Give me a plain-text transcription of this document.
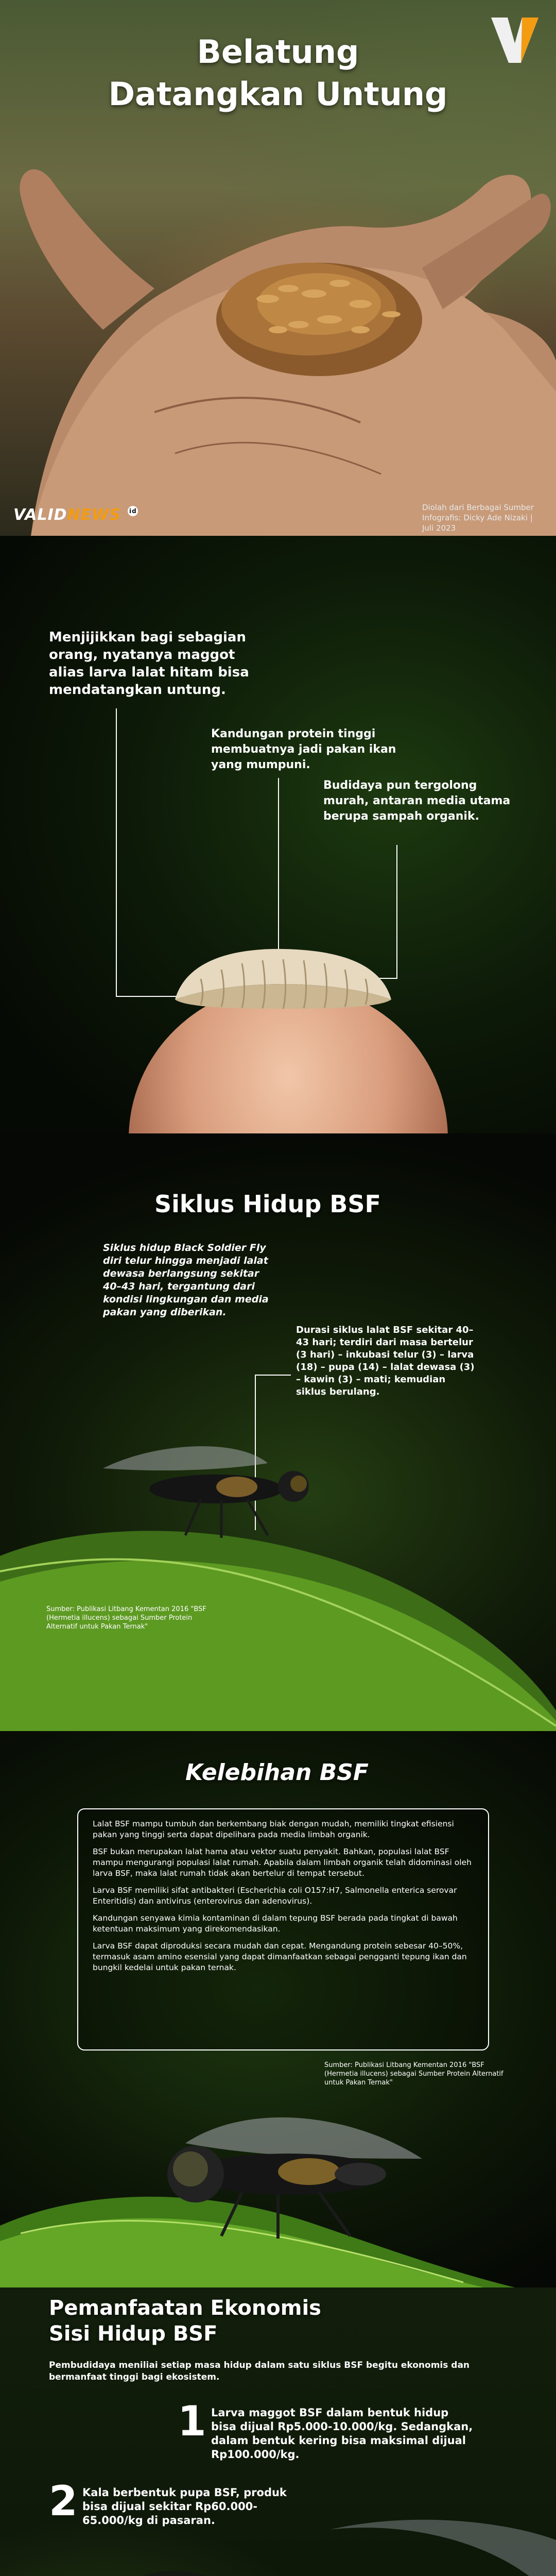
Belatung
Datangkan Untung
VALIDNEWS id	Diolah dari Berbagai Sumber
Infografis: Dicky Ade Nizaki | Juli 2023
Menjijikkan bagi sebagian orang, nyatanya maggot alias larva lalat hitam bisa mendatangkan untung.
Kandungan protein tinggi membuatnya jadi pakan ikan yang mumpuni.
Budidaya pun tergolong murah, antaran media utama berupa sampah organik.
Siklus Hidup BSF
Siklus hidup Black Soldier Fly diri telur hingga menjadi lalat dewasa berlangsung sekitar 40–43 hari, tergantung dari kondisi lingkungan dan media pakan yang diberikan.
Durasi siklus lalat BSF sekitar 40–43 hari; terdiri dari masa bertelur (3 hari) – inkubasi telur (3) – larva (18) – pupa (14) – lalat dewasa (3) – kawin (3) – mati; kemudian siklus berulang.
Sumber: Publikasi Litbang Kementan 2016 "BSF (Hermetia illucens) sebagai Sumber Protein Alternatif untuk Pakan Ternak"
Kelebihan BSF

Lalat BSF mampu tumbuh dan berkembang biak dengan mudah, memiliki tingkat efisiensi pakan yang tinggi serta dapat dipelihara pada media limbah organik.

BSF bukan merupakan lalat hama atau vektor suatu penyakit. Bahkan, populasi lalat BSF mampu mengurangi populasi lalat rumah. Apabila dalam limbah organik telah didominasi oleh larva BSF, maka lalat rumah tidak akan bertelur di tempat tersebut.

Larva BSF memiliki sifat antibakteri (Escherichia coli O157:H7, Salmonella enterica serovar Enteritidis) dan antivirus (enterovirus dan adenovirus).

Kandungan senyawa kimia kontaminan di dalam tepung BSF berada pada tingkat di bawah ketentuan maksimum yang direkomendasikan.

Larva BSF dapat diproduksi secara mudah dan cepat. Mengandung protein sebesar 40–50%, termasuk asam amino esensial yang dapat dimanfaatkan sebagai pengganti tepung ikan dan bungkil kedelai untuk pakan ternak.

Sumber: Publikasi Litbang Kementan 2016 "BSF (Hermetia illucens) sebagai Sumber Protein Alternatif untuk Pakan Ternak"
Pemanfaatan Ekonomis
Sisi Hidup BSF
Pembudidaya meniliai setiap masa hidup dalam satu siklus BSF begitu ekonomis dan bermanfaat tinggi bagi ekosistem.
1 Larva maggot BSF dalam bentuk hidup bisa dijual Rp5.000-10.000/kg. Sedangkan, dalam bentuk kering bisa maksimal dijual Rp100.000/kg.
2 Kala berbentuk pupa BSF, produk bisa dijual sekitar Rp60.000-65.000/kg di pasaran.
